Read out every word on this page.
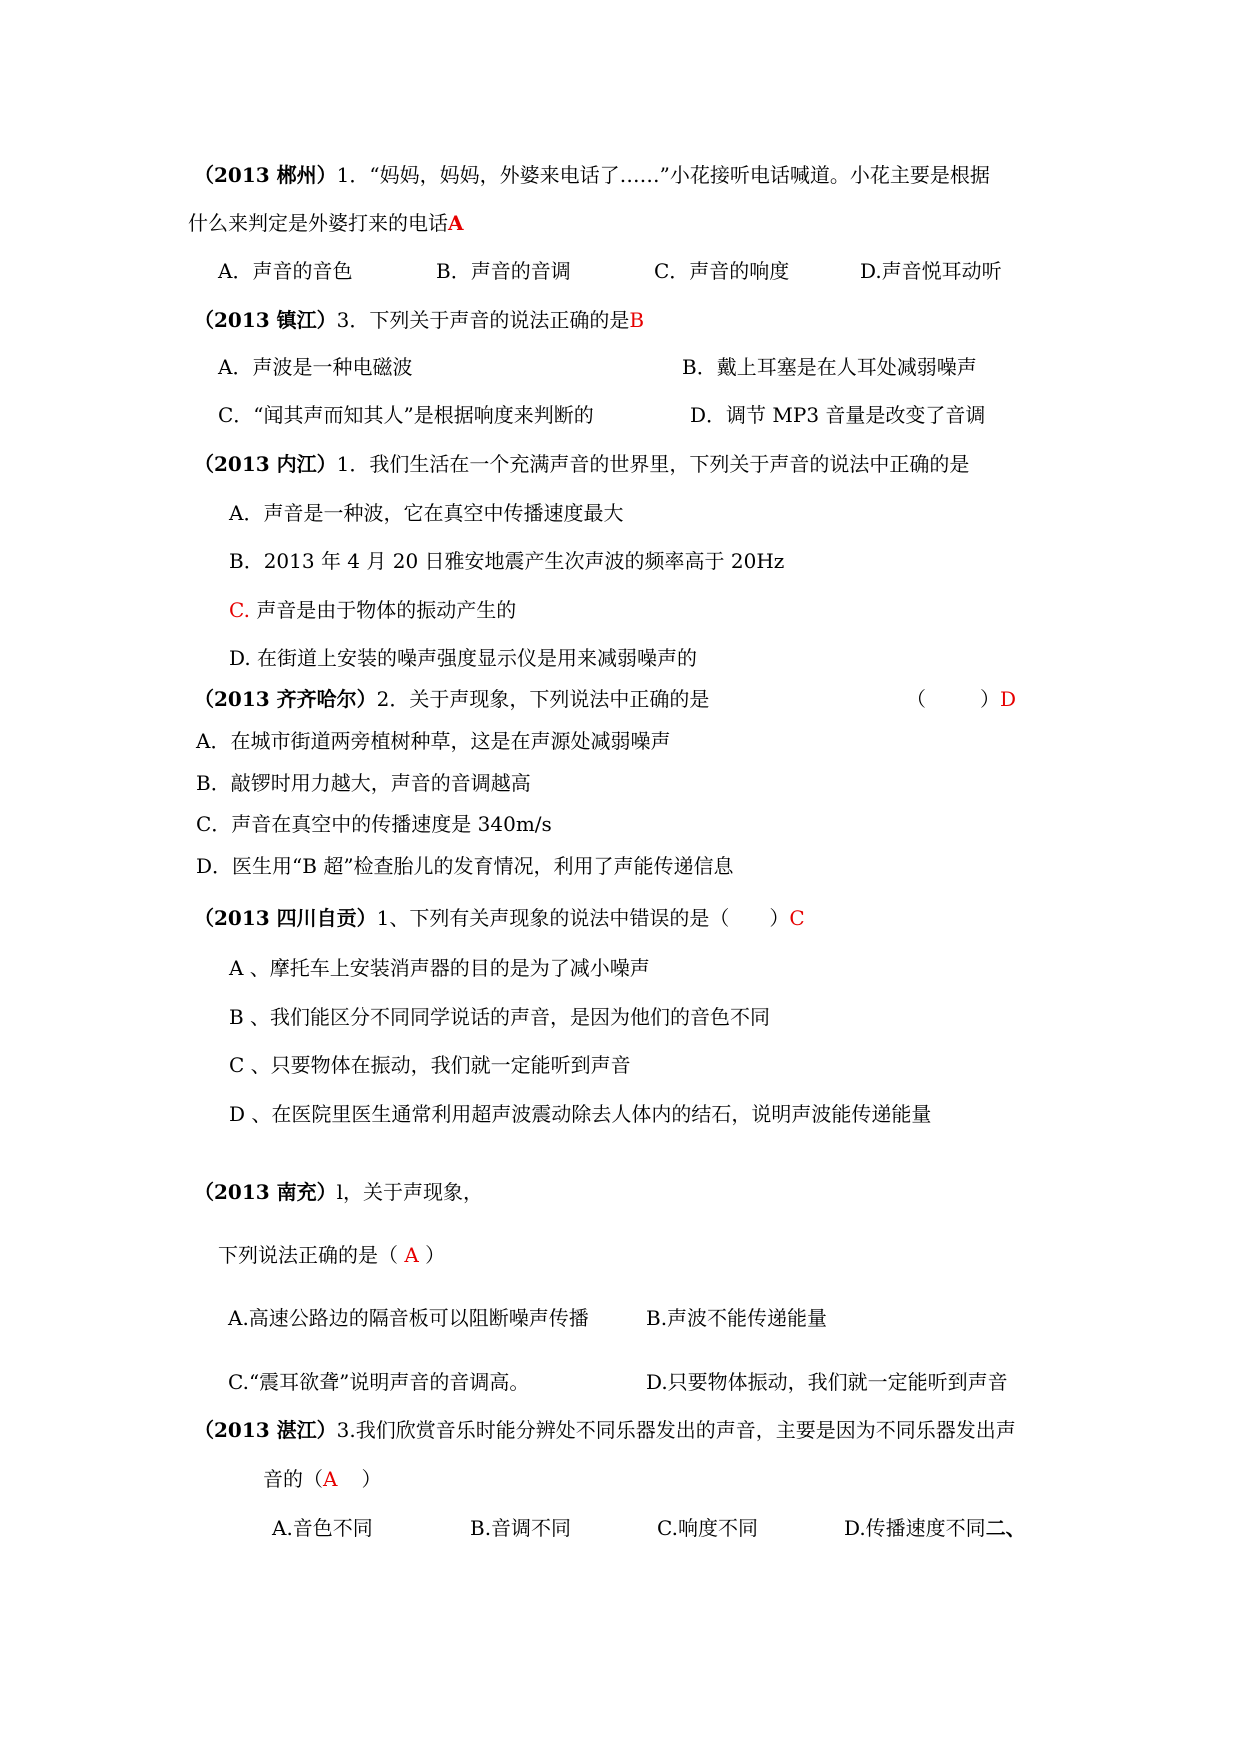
（2013 郴州）1．“妈妈，妈妈，外婆来电话了……”小花接听电话喊道。小花主要是根据
什么来判定是外婆打来的电话A
A．声音的音色	B．声音的音调	C．声音的响度	D.声音悦耳动听
（2013 镇江）3．下列关于声音的说法正确的是B
A．声波是一种电磁波	B．戴上耳塞是在人耳处减弱噪声
C．“闻其声而知其人”是根据响度来判断的	D．调节 MP3 音量是改变了音调
（2013 内江）1．我们生活在一个充满声音的世界里，下列关于声音的说法中正确的是
A．声音是一种波，它在真空中传播速度最大
B．2013 年 4 月 20 日雅安地震产生次声波的频率高于 20Hz
C. 声音是由于物体的振动产生的
D. 在街道上安装的噪声强度显示仪是用来减弱噪声的
（2013 齐齐哈尔）2．关于声现象，下列说法中正确的是	（	）D
A．在城市街道两旁植树种草，这是在声源处减弱噪声
B．敲锣时用力越大，声音的音调越高
C．声音在真空中的传播速度是 340m/s
D．医生用“B 超”检查胎儿的发育情况，利用了声能传递信息
（2013 四川自贡）1、下列有关声现象的说法中错误的是（　　）C
A 、摩托车上安装消声器的目的是为了减小噪声
B 、我们能区分不同同学说话的声音，是因为他们的音色不同
C 、只要物体在振动，我们就一定能听到声音
D 、在医院里医生通常利用超声波震动除去人体内的结石，说明声波能传递能量
（2013 南充）l，关于声现象，
下列说法正确的是（ A ）
A.高速公路边的隔音板可以阻断噪声传播	B.声波不能传递能量
C.“震耳欲聋”说明声音的音调高。	D.只要物体振动，我们就一定能听到声音
（2013 湛江）3.我们欣赏音乐时能分辨处不同乐器发出的声音，主要是因为不同乐器发出声
音的（A ）
A.音色不同	B.音调不同	C.响度不同	D.传播速度不同二、
